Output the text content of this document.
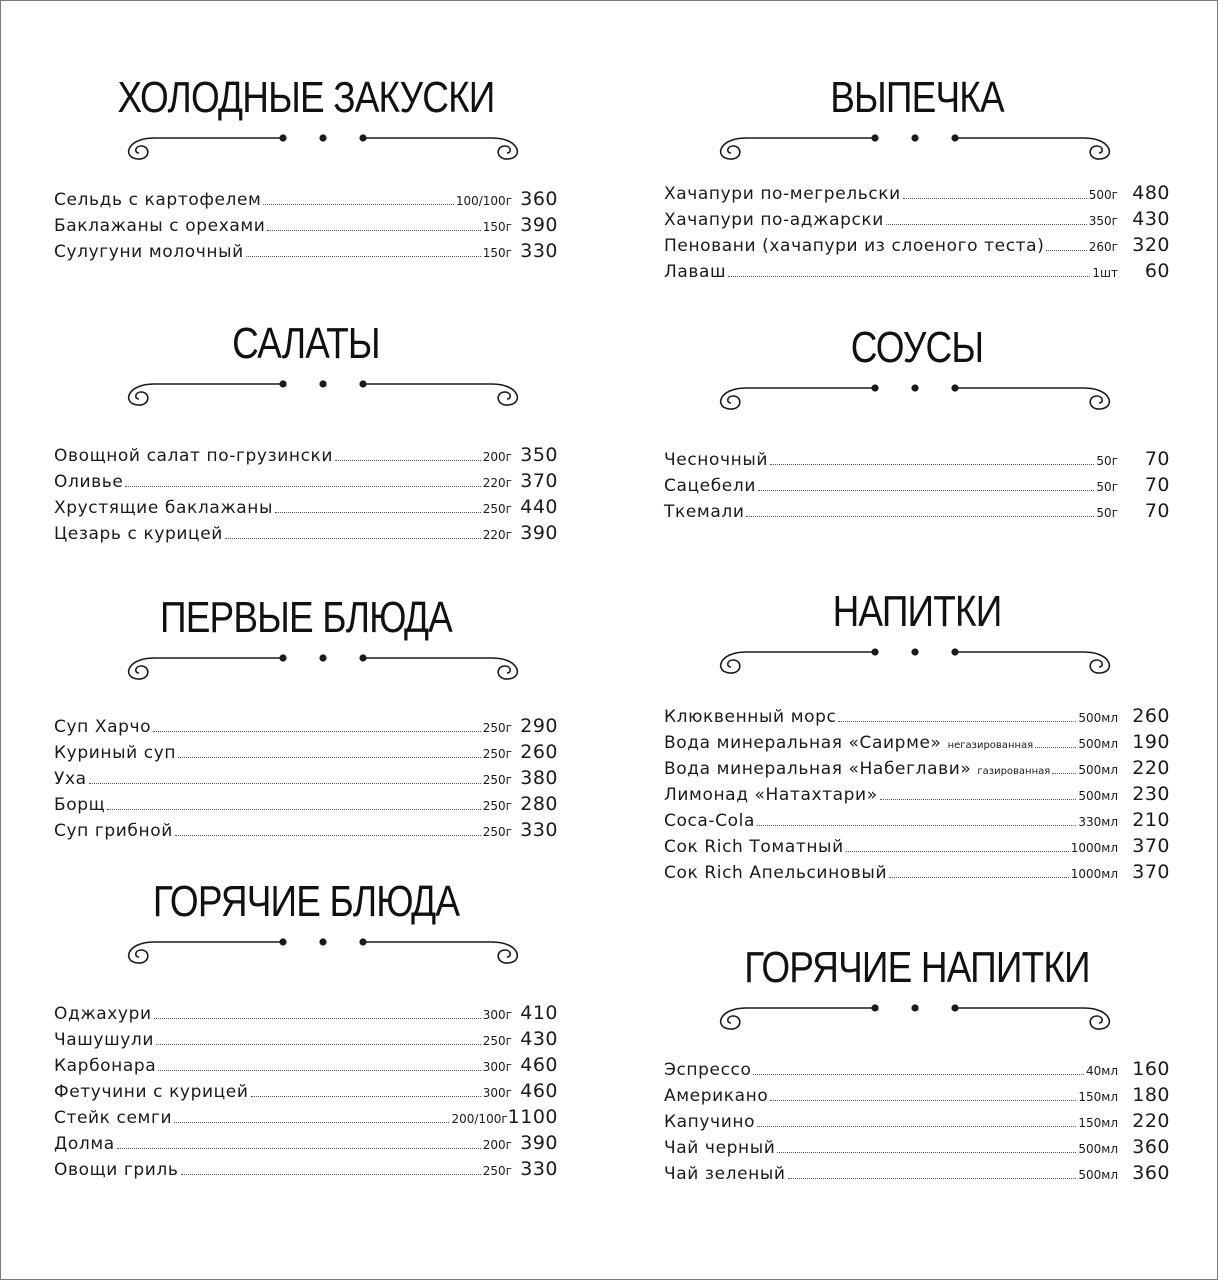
ХОЛОДНЫЕ ЗАКУСКИ
Сельдь с картофелем	100/100г 360
Баклажаны с орехами	150г 390
Сулугуни молочный	150г 330
САЛАТЫ
Овощной салат по-грузински	200г 350
Оливье	220г 370
Хрустящие баклажаны	250г 440
Цезарь с курицей	220г 390
ПЕРВЫЕ БЛЮДА
Суп Харчо	250г 290
Куриный суп	250г 260
Уха	250г 380
Борщ	250г 280
Суп грибной	250г 330
ГОРЯЧИЕ БЛЮДА
Оджахури	300г 410
Чашушули	250г 430
Карбонара	300г 460
Фетучини с курицей	300г 460
Стейк семги	200/100г 1100
Долма	200г 390
Овощи гриль	250г 330
ВЫПЕЧКА
Хачапури по-мегрельски	500г 480
Хачапури по-аджарски	350г 430
Пеновани (хачапури из слоеного теста)	260г 320
Лаваш	1шт	60
СОУСЫ
Чесночный	50г	70
Сацебели	50г	70
Ткемали	50г	70
НАПИТКИ
Клюквенный морс	500мл 260
Вода минеральная «Саирме» негазированная	500мл 190
Вода минеральная «Набеглави» газированная 500мл 220
Лимонад «Натахтари»	500мл 230
Coca-Cola	330мл 210
Сок Rich Томатный	1000мл 370
Сок Rich Апельсиновый	1000мл 370
ГОРЯЧИЕ НАПИТКИ
Эспрессо	40мл 160
Американо	150мл 180
Капучино	150мл 220
Чай черный	500мл 360
Чай зеленый	500мл 360
